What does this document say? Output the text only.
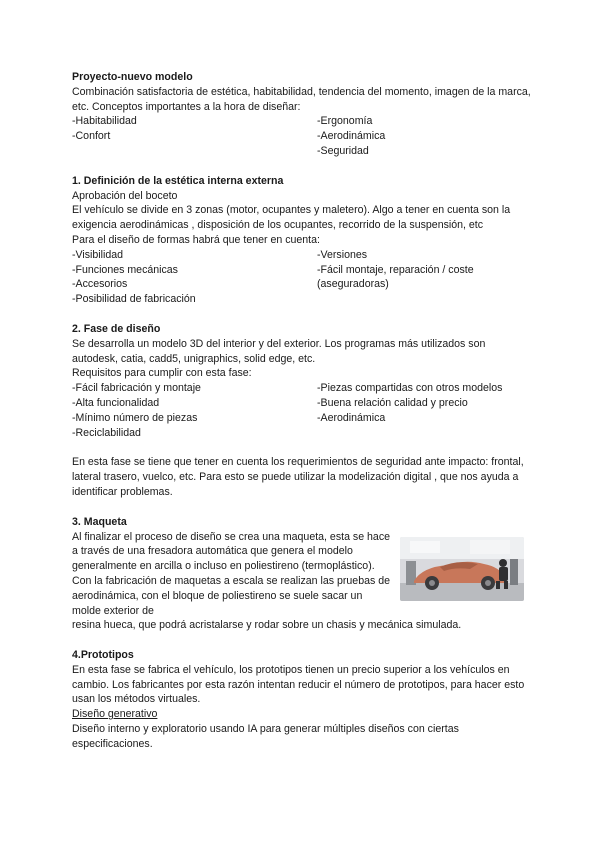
Proyecto-nuevo modelo

Combinación satisfactoria de estética, habitabilidad, tendencia del momento, imagen de la marca, etc. Conceptos importantes a la hora de diseñar:

-Habitabilidad

-Confort

-Ergonomía

-Aerodinámica

-Seguridad

1. Definición de la estética interna externa

Aprobación del boceto

El vehículo se divide en 3 zonas (motor, ocupantes y maletero). Algo a tener en cuenta son la exigencia aerodinámicas , disposición de los ocupantes, recorrido de la suspensión, etc

Para el diseño de formas habrá que tener en cuenta:

-Visibilidad

-Funciones mecánicas

-Accesorios

-Posibilidad de fabricación

-Versiones

-Fácil montaje, reparación / coste

(aseguradoras)

2. Fase de diseño

Se desarrolla un modelo 3D del interior y del exterior. Los programas más utilizados son autodesk, catia, cadd5, unigraphics, solid edge, etc.

Requisitos para cumplir con esta fase:

-Fácil fabricación y montaje

-Alta funcionalidad

-Mínimo número de piezas

-Reciclabilidad

-Piezas compartidas con otros modelos

-Buena relación calidad y precio

-Aerodinámica

En esta fase se tiene que tener en cuenta los requerimientos de seguridad ante impacto: frontal, lateral trasero, vuelco, etc. Para esto se puede utilizar la modelización digital , que nos ayuda a identificar problemas.

3. Maqueta

Al finalizar el proceso de diseño se crea una maqueta, esta se hace a través de una fresadora automática que genera el modelo generalmente en arcilla o incluso en poliestireno (termoplástico). Con la fabricación de maquetas a escala se realizan las pruebas de aerodinámica, con el bloque de poliestireno se suele sacar un molde exterior de

resina hueca, que podrá acristalarse y rodar sobre un chasis y mecánica simulada.

4.Prototipos

En esta fase se fabrica el vehículo, los prototipos tienen un precio superior a los vehículos en cambio. Los fabricantes por esta razón intentan reducir el número de prototipos, para hacer esto usan los métodos virtuales.

Diseño generativo

Diseño interno y exploratorio usando IA para generar múltiples diseños con ciertas especificaciones.
